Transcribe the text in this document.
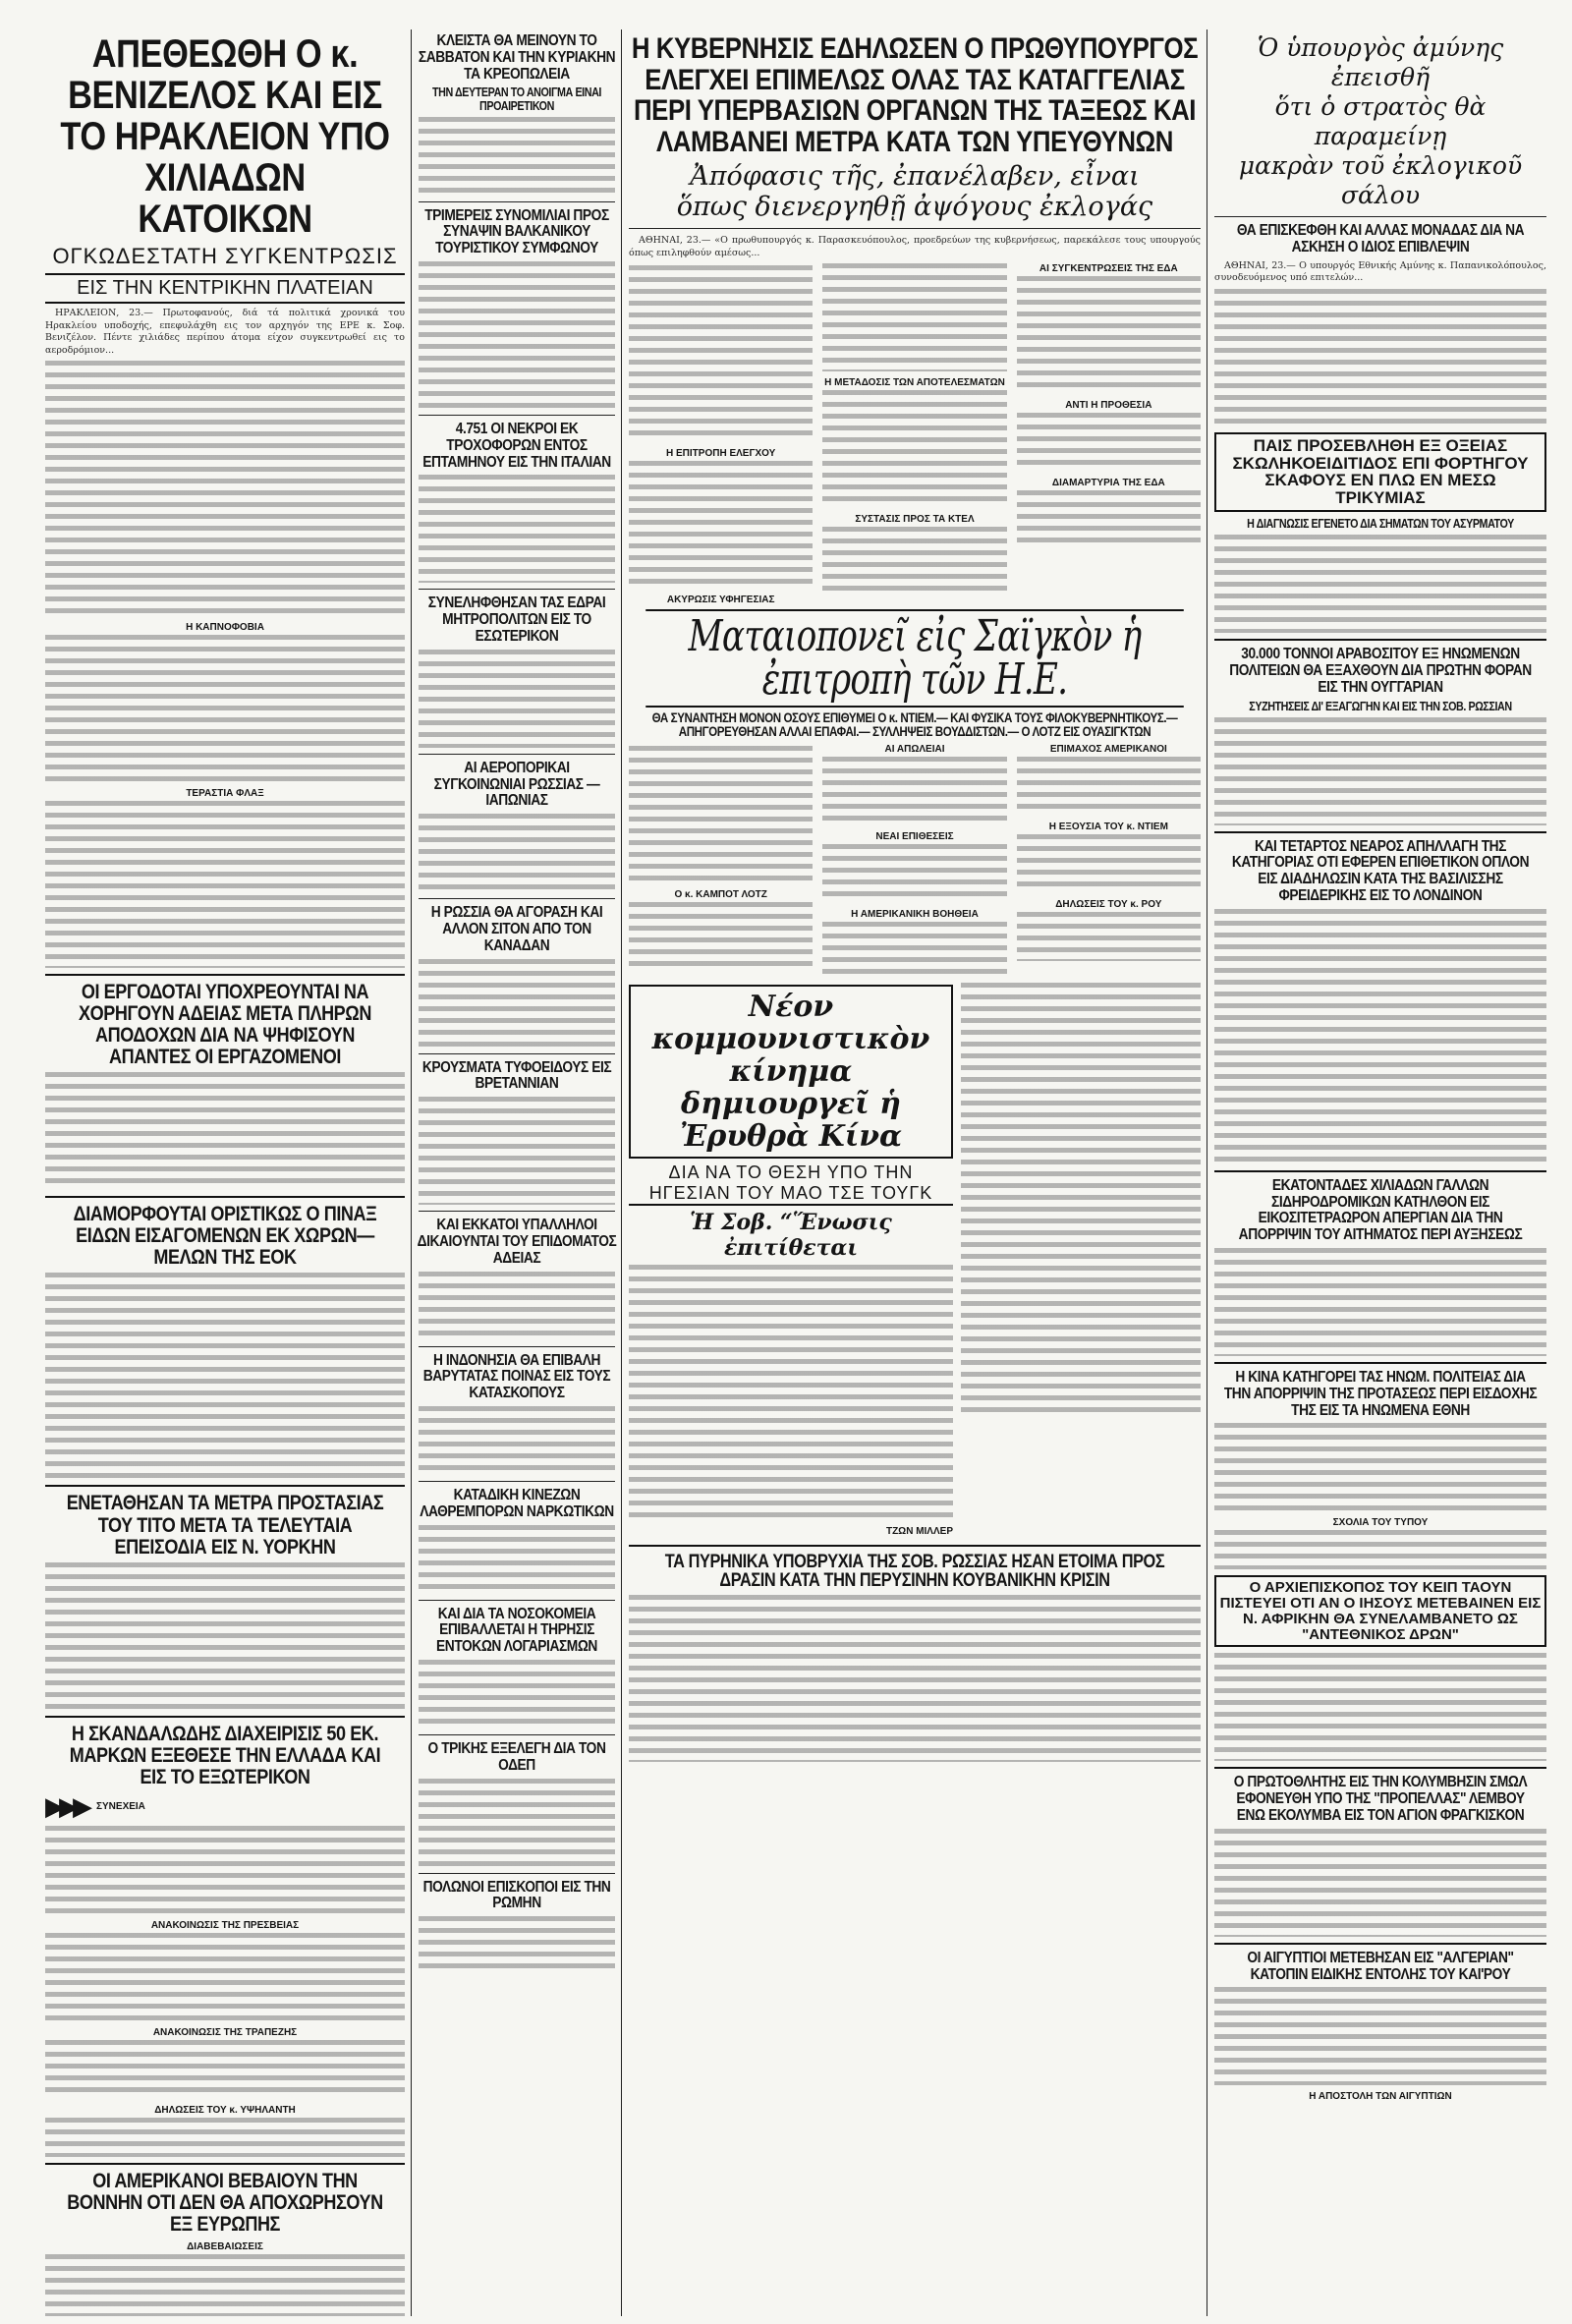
ΑΠΕΘΕΩΘΗ Ο κ. ΒΕΝΙΖΕΛΟΣ ΚΑΙ ΕΙΣ ΤΟ ΗΡΑΚΛΕΙΟΝ ΥΠΟ ΧΙΛΙΑΔΩΝ ΚΑΤΟΙΚΩΝ
ΟΓΚΩΔΕΣΤΑΤΗ ΣΥΓΚΕΝΤΡΩΣΙΣ
ΕΙΣ ΤΗΝ ΚΕΝΤΡΙΚΗΝ ΠΛΑΤΕΙΑΝ
ΗΡΑΚΛΕΙΟΝ, 23.— Πρωτοφανούς, διά τά πολιτικά χρονικά του Ηρακλείου υποδοχής, επεφυλάχθη εις τον αρχηγόν της ΕΡΕ κ. Σοφ. Βενιζέλον. Πέντε χιλιάδες περίπου άτομα είχον συγκεντρωθεί εις το αεροδρόμιον...
Η ΚΑΠΝΟΦΟΒΙΑ
ΤΕΡΑΣΤΙΑ ΦΛΑΞ
ΟΙ ΕΡΓΟΔΟΤΑΙ ΥΠΟΧΡΕΟΥΝΤΑΙ ΝΑ ΧΟΡΗΓΟΥΝ ΑΔΕΙΑΣ ΜΕΤΑ ΠΛΗΡΩΝ ΑΠΟΔΟΧΩΝ ΔΙΑ ΝΑ ΨΗΦΙΣΟΥΝ ΑΠΑΝΤΕΣ ΟΙ ΕΡΓΑΖΟΜΕΝΟΙ
ΔΙΑΜΟΡΦΟΥΤΑΙ ΟΡΙΣΤΙΚΩΣ Ο ΠΙΝΑΞ ΕΙΔΩΝ ΕΙΣΑΓΟΜΕΝΩΝ ΕΚ ΧΩΡΩΝ—ΜΕΛΩΝ ΤΗΣ ΕΟΚ
ΕΝΕΤΑΘΗΣΑΝ ΤΑ ΜΕΤΡΑ ΠΡΟΣΤΑΣΙΑΣ ΤΟΥ ΤΙΤΟ ΜΕΤΑ ΤΑ ΤΕΛΕΥΤΑΙΑ ΕΠΕΙΣΟΔΙΑ ΕΙΣ Ν. ΥΟΡΚΗΝ
Η ΣΚΑΝΔΑΛΩΔΗΣ ΔΙΑΧΕΙΡΙΣΙΣ 50 ΕΚ. ΜΑΡΚΩΝ ΕΞΕΘΕΣΕ ΤΗΝ ΕΛΛΑΔΑ ΚΑΙ ΕΙΣ ΤΟ ΕΞΩΤΕΡΙΚΟΝ
▶▶▶ ΣΥΝΕΧΕΙΑ
ΑΝΑΚΟΙΝΩΣΙΣ ΤΗΣ ΠΡΕΣΒΕΙΑΣ
ΑΝΑΚΟΙΝΩΣΙΣ ΤΗΣ ΤΡΑΠΕΖΗΣ
ΔΗΛΩΣΕΙΣ ΤΟΥ κ. ΥΨΗΛΑΝΤΗ
ΟΙ ΑΜΕΡΙΚΑΝΟΙ ΒΕΒΑΙΟΥΝ ΤΗΝ ΒΟΝΝΗΝ ΟΤΙ ΔΕΝ ΘΑ ΑΠΟΧΩΡΗΣΟΥΝ ΕΞ ΕΥΡΩΠΗΣ
ΔΙΑΒΕΒΑΙΩΣΕΙΣ
ΚΛΕΙΣΤΑ ΘΑ ΜΕΙΝΟΥΝ ΤΟ ΣΑΒΒΑΤΟΝ ΚΑΙ ΤΗΝ ΚΥΡΙΑΚΗΝ ΤΑ ΚΡΕΟΠΩΛΕΙΑ
ΤΗΝ ΔΕΥΤΕΡΑΝ ΤΟ ΑΝΟΙΓΜΑ ΕΙΝΑΙ ΠΡΟΑΙΡΕΤΙΚΟΝ
ΤΡΙΜΕΡΕΙΣ ΣΥΝΟΜΙΛΙΑΙ ΠΡΟΣ ΣΥΝΑΨΙΝ ΒΑΛΚΑΝΙΚΟΥ ΤΟΥΡΙΣΤΙΚΟΥ ΣΥΜΦΩΝΟΥ
4.751 ΟΙ ΝΕΚΡΟΙ ΕΚ ΤΡΟΧΟΦΟΡΩΝ ΕΝΤΟΣ ΕΠΤΑΜΗΝΟΥ ΕΙΣ ΤΗΝ ΙΤΑΛΙΑΝ
ΣΥΝΕΛΗΦΘΗΣΑΝ ΤΑΣ ΕΔΡΑΙ ΜΗΤΡΟΠΟΛΙΤΩΝ ΕΙΣ ΤΟ ΕΣΩΤΕΡΙΚΟΝ
ΑΙ ΑΕΡΟΠΟΡΙΚΑΙ ΣΥΓΚΟΙΝΩΝΙΑΙ ΡΩΣΣΙΑΣ — ΙΑΠΩΝΙΑΣ
Η ΡΩΣΣΙΑ ΘΑ ΑΓΟΡΑΣΗ ΚΑΙ ΑΛΛΟΝ ΣΙΤΟΝ ΑΠΟ ΤΟΝ ΚΑΝΑΔΑΝ
ΚΡΟΥΣΜΑΤΑ ΤΥΦΟΕΙΔΟΥΣ ΕΙΣ ΒΡΕΤΑΝΝΙΑΝ
ΚΑΙ ΕΚΚΑΤΟΙ ΥΠΑΛΛΗΛΟΙ ΔΙΚΑΙΟΥΝΤΑΙ ΤΟΥ ΕΠΙΔΟΜΑΤΟΣ ΑΔΕΙΑΣ
Η ΙΝΔΟΝΗΣΙΑ ΘΑ ΕΠΙΒΑΛΗ ΒΑΡΥΤΑΤΑΣ ΠΟΙΝΑΣ ΕΙΣ ΤΟΥΣ ΚΑΤΑΣΚΟΠΟΥΣ
ΚΑΤΑΔΙΚΗ ΚΙΝΕΖΩΝ ΛΑΘΡΕΜΠΟΡΩΝ ΝΑΡΚΩΤΙΚΩΝ
ΚΑΙ ΔΙΑ ΤΑ ΝΟΣΟΚΟΜΕΙΑ ΕΠΙΒΑΛΛΕΤΑΙ Η ΤΗΡΗΣΙΣ ΕΝΤΟΚΩΝ ΛΟΓΑΡΙΑΣΜΩΝ
Ο ΤΡΙΚΗΣ ΕΞΕΛΕΓΗ ΔΙΑ ΤΟΝ ΟΔΕΠ
ΠΟΛΩΝΟΙ ΕΠΙΣΚΟΠΟΙ ΕΙΣ ΤΗΝ ΡΩΜΗΝ
Η ΚΥΒΕΡΝΗΣΙΣ ΕΔΗΛΩΣΕΝ Ο ΠΡΩΘΥΠΟΥΡΓΟΣ ΕΛΕΓΧΕΙ ΕΠΙΜΕΛΩΣ ΟΛΑΣ ΤΑΣ ΚΑΤΑΓΓΕΛΙΑΣ ΠΕΡΙ ΥΠΕΡΒΑΣΙΩΝ ΟΡΓΑΝΩΝ ΤΗΣ ΤΑΞΕΩΣ ΚΑΙ ΛΑΜΒΑΝΕΙ ΜΕΤΡΑ ΚΑΤΑ ΤΩΝ ΥΠΕΥΘΥΝΩΝ
Ἀπόφασις τῆς, ἐπανέλαβεν, εἶναι
ὅπως διενεργηθῇ ἀψόγους ἐκλογάς
ΑΘΗΝΑΙ, 23.— «Ο πρωθυπουργός κ. Παρασκευόπουλος, προεδρεύων της κυβερνήσεως, παρεκάλεσε τους υπουργούς όπως επιληφθούν αμέσως...
Η ΕΠΙΤΡΟΠΗ ΕΛΕΓΧΟΥ
ΑΚΥΡΩΣΙΣ ΥΦΗΓΕΣΙΑΣ
Η ΜΕΤΑΔΟΣΙΣ ΤΩΝ ΑΠΟΤΕΛΕΣΜΑΤΩΝ
ΣΥΣΤΑΣΙΣ ΠΡΟΣ ΤΑ ΚΤΕΛ
ΑΙ ΣΥΓΚΕΝΤΡΩΣΕΙΣ ΤΗΣ ΕΔΑ
ΑΝΤΙ Η ΠΡΟΘΕΣΙΑ
ΔΙΑΜΑΡΤΥΡΙΑ ΤΗΣ ΕΔΑ
Ματαιοπονεῖ εἰς Σαϊγκὸν ἡ ἐπιτροπὴ τῶν Η.Ε.
ΘΑ ΣΥΝΑΝΤΗΣΗ ΜΟΝΟΝ ΟΣΟΥΣ ΕΠΙΘΥΜΕΙ Ο κ. ΝΤΙΕΜ.— ΚΑΙ ΦΥΣΙΚΑ ΤΟΥΣ ΦΙΛΟΚΥΒΕΡΝΗΤΙΚΟΥΣ.— ΑΠΗΓΟΡΕΥΘΗΣΑΝ ΑΛΛΑΙ ΕΠΑΦΑΙ.— ΣΥΛΛΗΨΕΙΣ ΒΟΥΔΔΙΣΤΩΝ.— Ο ΛΟΤΖ ΕΙΣ ΟΥΑΣΙΓΚΤΩΝ
Ο κ. ΚΑΜΠΟΤ ΛΟΤΖ
ΑΙ ΑΠΩΛΕΙΑΙ
ΝΕΑΙ ΕΠΙΘΕΣΕΙΣ
Η ΑΜΕΡΙΚΑΝΙΚΗ ΒΟΗΘΕΙΑ
ΕΠΙΜΑΧΟΣ ΑΜΕΡΙΚΑΝΟΙ
Η ΕΞΟΥΣΙΑ ΤΟΥ κ. ΝΤΙΕΜ
ΔΗΛΩΣΕΙΣ ΤΟΥ κ. ΡΟΥ
Νέον κομμουνιστικὸν κίνημα
δημιουργεῖ ἡ Ἐρυθρὰ Κίνα
ΔΙΑ ΝΑ ΤΟ ΘΕΣΗ ΥΠΟ ΤΗΝ ΗΓΕΣΙΑΝ ΤΟΥ ΜΑΟ ΤΣΕ ΤΟΥΓΚ
Ἡ Σοβ. “Ἕνωσις ἐπιτίθεται
ΤΖΩΝ ΜΙΛΛΕΡ
ΤΑ ΠΥΡΗΝΙΚΑ ΥΠΟΒΡΥΧΙΑ ΤΗΣ ΣΟΒ. ΡΩΣΣΙΑΣ ΗΣΑΝ ΕΤΟΙΜΑ ΠΡΟΣ ΔΡΑΣΙΝ ΚΑΤΑ ΤΗΝ ΠΕΡΥΣΙΝΗΝ ΚΟΥΒΑΝΙΚΗΝ ΚΡΙΣΙΝ
Ὁ ὑπουργὸς ἀμύνης ἐπεισθῆ
ὅτι ὁ στρατὸς θὰ παραμείνῃ
μακρὰν τοῦ ἐκλογικοῦ σάλου
ΘΑ ΕΠΙΣΚΕΦΘΗ ΚΑΙ ΑΛΛΑΣ ΜΟΝΑΔΑΣ ΔΙΑ ΝΑ ΑΣΚΗΣΗ Ο ΙΔΙΟΣ ΕΠΙΒΛΕΨΙΝ
ΑΘΗΝΑΙ, 23.— Ο υπουργός Εθνικής Αμύνης κ. Παπανικολόπουλος, συνοδευόμενος υπό επιτελών...
ΠΑΙΣ ΠΡΟΣΕΒΛΗΘΗ ΕΞ ΟΞΕΙΑΣ ΣΚΩΛΗΚΟΕΙΔΙΤΙΔΟΣ ΕΠΙ ΦΟΡΤΗΓΟΥ ΣΚΑΦΟΥΣ ΕΝ ΠΛΩ ΕΝ ΜΕΣΩ ΤΡΙΚΥΜΙΑΣ
Η ΔΙΑΓΝΩΣΙΣ ΕΓΕΝΕΤΟ ΔΙΑ ΣΗΜΑΤΩΝ ΤΟΥ ΑΣΥΡΜΑΤΟΥ
30.000 ΤΟΝΝΟΙ ΑΡΑΒΟΣΙΤΟΥ ΕΞ ΗΝΩΜΕΝΩΝ ΠΟΛΙΤΕΙΩΝ ΘΑ ΕΞΑΧΘΟΥΝ ΔΙΑ ΠΡΩΤΗΝ ΦΟΡΑΝ ΕΙΣ ΤΗΝ ΟΥΓΓΑΡΙΑΝ
ΣΥΖΗΤΗΣΕΙΣ ΔΙ' ΕΞΑΓΩΓΗΝ ΚΑΙ ΕΙΣ ΤΗΝ ΣΟΒ. ΡΩΣΣΙΑΝ
ΚΑΙ ΤΕΤΑΡΤΟΣ ΝΕΑΡΟΣ ΑΠΗΛΛΑΓΗ ΤΗΣ ΚΑΤΗΓΟΡΙΑΣ ΟΤΙ ΕΦΕΡΕΝ ΕΠΙΘΕΤΙΚΟΝ ΟΠΛΟΝ ΕΙΣ ΔΙΑΔΗΛΩΣΙΝ ΚΑΤΑ ΤΗΣ ΒΑΣΙΛΙΣΣΗΣ ΦΡΕΙΔΕΡΙΚΗΣ ΕΙΣ ΤΟ ΛΟΝΔΙΝΟΝ
ΕΚΑΤΟΝΤΑΔΕΣ ΧΙΛΙΑΔΩΝ ΓΑΛΛΩΝ ΣΙΔΗΡΟΔΡΟΜΙΚΩΝ ΚΑΤΗΛΘΟΝ ΕΙΣ ΕΙΚΟΣΙΤΕΤΡΑΩΡΟΝ ΑΠΕΡΓΙΑΝ ΔΙΑ ΤΗΝ ΑΠΟΡΡΙΨΙΝ ΤΟΥ ΑΙΤΗΜΑΤΟΣ ΠΕΡΙ ΑΥΞΗΣΕΩΣ
Η ΚΙΝΑ ΚΑΤΗΓΟΡΕΙ ΤΑΣ ΗΝΩΜ. ΠΟΛΙΤΕΙΑΣ ΔΙΑ ΤΗΝ ΑΠΟΡΡΙΨΙΝ ΤΗΣ ΠΡΟΤΑΣΕΩΣ ΠΕΡΙ ΕΙΣΔΟΧΗΣ ΤΗΣ ΕΙΣ ΤΑ ΗΝΩΜΕΝΑ ΕΘΝΗ
ΣΧΟΛΙΑ ΤΟΥ ΤΥΠΟΥ
Ο ΑΡΧΙΕΠΙΣΚΟΠΟΣ ΤΟΥ ΚΕΙΠ ΤΑΟΥΝ ΠΙΣΤΕΥΕΙ ΟΤΙ ΑΝ Ο ΙΗΣΟΥΣ ΜΕΤΕΒΑΙΝΕΝ ΕΙΣ Ν. ΑΦΡΙΚΗΝ ΘΑ ΣΥΝΕΛΑΜΒΑΝΕΤΟ ΩΣ "ΑΝΤΕΘΝΙΚΟΣ ΔΡΩΝ"
Ο ΠΡΩΤΟΘΛΗΤΗΣ ΕΙΣ ΤΗΝ ΚΟΛΥΜΒΗΣΙΝ ΣΜΩΛ ΕΦΟΝΕΥΘΗ ΥΠΟ ΤΗΣ "ΠΡΟΠΕΛΛΑΣ" ΛΕΜΒΟΥ ΕΝΩ ΕΚΟΛΥΜΒΑ ΕΙΣ ΤΟΝ ΑΓΙΟΝ ΦΡΑΓΚΙΣΚΟΝ
ΟΙ ΑΙΓΥΠΤΙΟΙ ΜΕΤΕΒΗΣΑΝ ΕΙΣ "ΑΛΓΕΡΙΑΝ" ΚΑΤΟΠΙΝ ΕΙΔΙΚΗΣ ΕΝΤΟΛΗΣ ΤΟΥ ΚΑΙ'ΡΟΥ
Η ΑΠΟΣΤΟΛΗ ΤΩΝ ΑΙΓΥΠΤΙΩΝ
